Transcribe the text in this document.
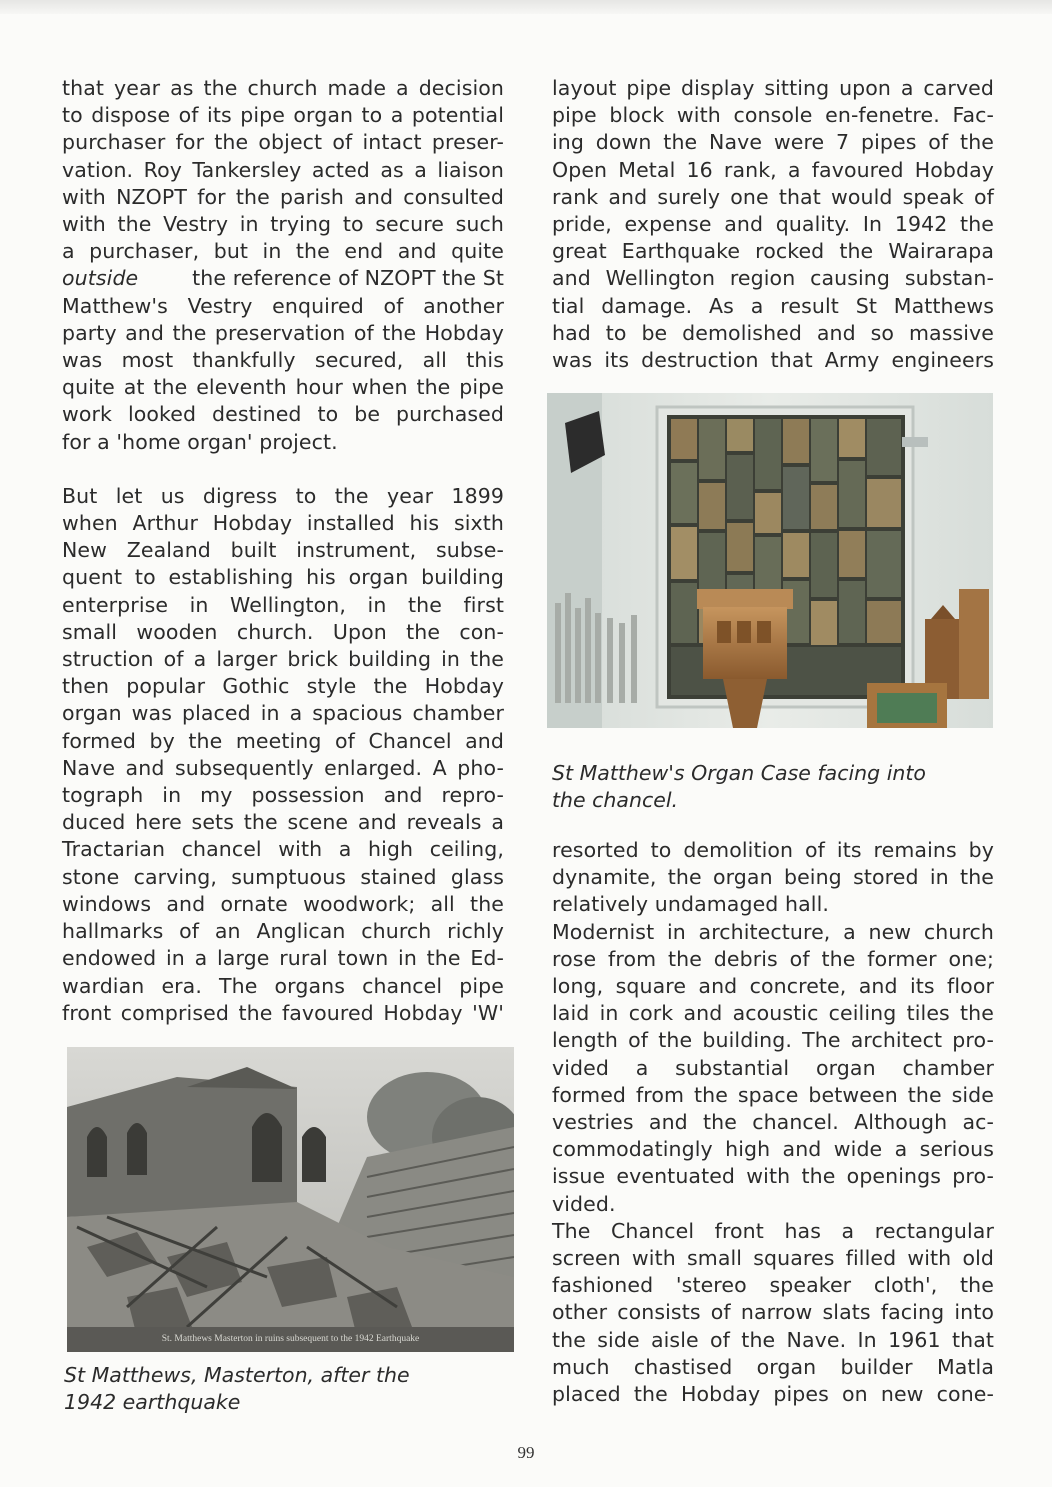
that year as the church made a decision
to dispose of its pipe organ to a potential
purchaser for the object of intact preser-
vation. Roy Tankersley acted as a liaison
with NZOPT for the parish and consulted
with the Vestry in trying to secure such
a purchaser, but in the end and quite
outside the reference of NZOPT the St
Matthew's Vestry enquired of another
party and the preservation of the Hobday
was most thankfully secured, all this
quite at the eleventh hour when the pipe
work looked destined to be purchased
for a 'home organ' project.
But let us digress to the year 1899
when Arthur Hobday installed his sixth
New Zealand built instrument, subse-
quent to establishing his organ building
enterprise in Wellington, in the first
small wooden church. Upon the con-
struction of a larger brick building in the
then popular Gothic style the Hobday
organ was placed in a spacious chamber
formed by the meeting of Chancel and
Nave and subsequently enlarged. A pho-
tograph in my possession and repro-
duced here sets the scene and reveals a
Tractarian chancel with a high ceiling,
stone carving, sumptuous stained glass
windows and ornate woodwork; all the
hallmarks of an Anglican church richly
endowed in a large rural town in the Ed-
wardian era. The organs chancel pipe
front comprised the favoured Hobday 'W'
layout pipe display sitting upon a carved
pipe block with console en-fenetre. Fac-
ing down the Nave were 7 pipes of the
Open Metal 16 rank, a favoured Hobday
rank and surely one that would speak of
pride, expense and quality. In 1942 the
great Earthquake rocked the Wairarapa
and Wellington region causing substan-
tial damage. As a result St Matthews
had to be demolished and so massive
was its destruction that Army engineers
St Matthew's Organ Case facing into
the chancel.
resorted to demolition of its remains by
dynamite, the organ being stored in the
relatively undamaged hall.
Modernist in architecture, a new church
rose from the debris of the former one;
long, square and concrete, and its floor
laid in cork and acoustic ceiling tiles the
length of the building. The architect pro-
vided a substantial organ chamber
formed from the space between the side
vestries and the chancel. Although ac-
commodatingly high and wide a serious
issue eventuated with the openings pro-
vided.
The Chancel front has a rectangular
screen with small squares filled with old
fashioned 'stereo speaker cloth', the
other consists of narrow slats facing into
the side aisle of the Nave. In 1961 that
much chastised organ builder Matla
placed the Hobday pipes on new cone-
St. Matthews Masterton in ruins subsequent to the 1942 Earthquake
St Matthews, Masterton, after the
1942 earthquake
99
